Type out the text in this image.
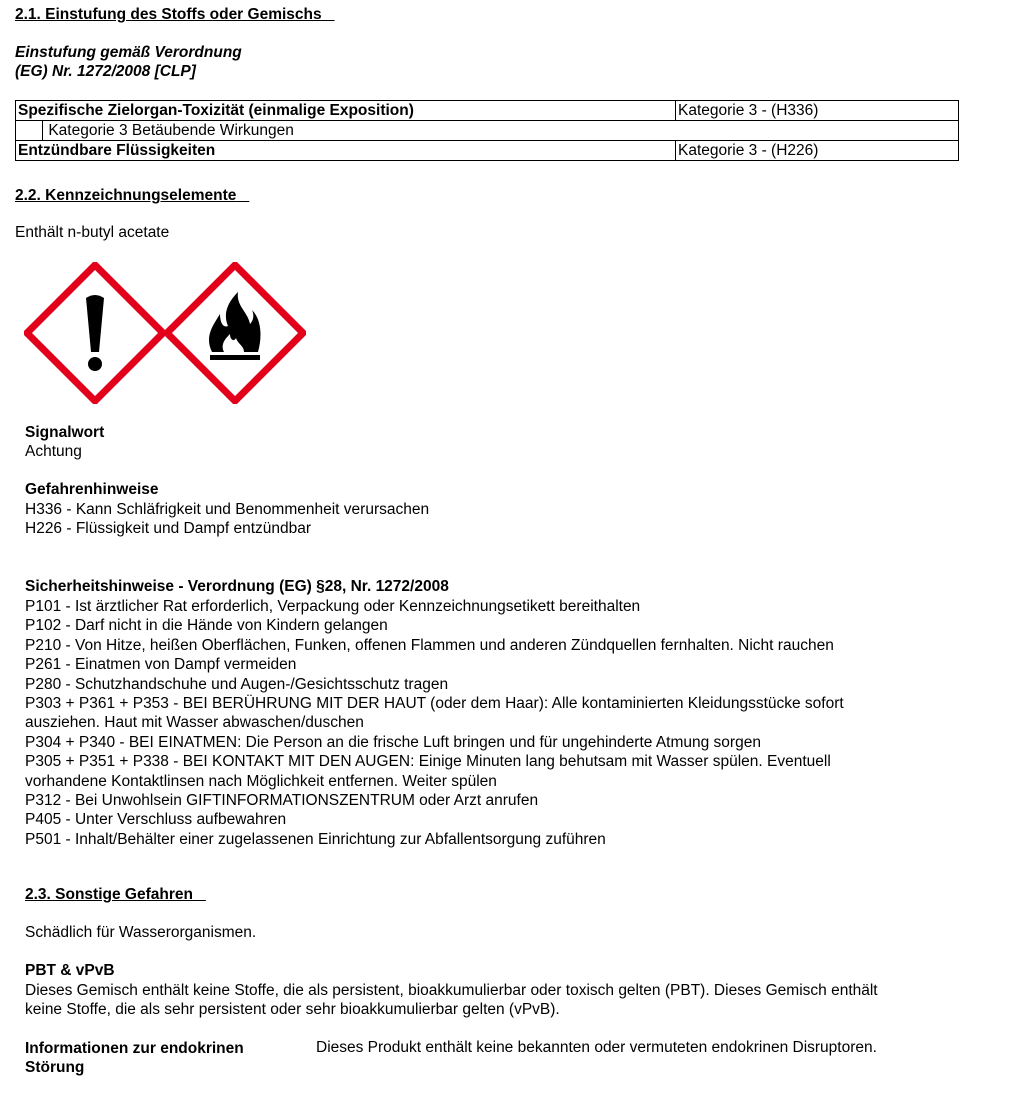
2.1. Einstufung des Stoffs oder Gemischs
Einstufung gemäß Verordnung
(EG) Nr. 1272/2008 [CLP]
Spezifische Zielorgan-Toxizität (einmalige Exposition)	Kategorie 3 - (H336)
Kategorie 3 Betäubende Wirkungen	
Entzündbare Flüssigkeiten	Kategorie 3 - (H226)
2.2. Kennzeichnungselemente
Enthält n-butyl acetate
Signalwort
Achtung
Gefahrenhinweise
H336 - Kann Schläfrigkeit und Benommenheit verursachen
H226 - Flüssigkeit und Dampf entzündbar
Sicherheitshinweise - Verordnung (EG) §28, Nr. 1272/2008
P101 - Ist ärztlicher Rat erforderlich, Verpackung oder Kennzeichnungsetikett bereithalten
P102 - Darf nicht in die Hände von Kindern gelangen
P210 - Von Hitze, heißen Oberflächen, Funken, offenen Flammen und anderen Zündquellen fernhalten. Nicht rauchen
P261 - Einatmen von Dampf vermeiden
P280 - Schutzhandschuhe und Augen-/Gesichtsschutz tragen
P303 + P361 + P353 - BEI BERÜHRUNG MIT DER HAUT (oder dem Haar): Alle kontaminierten Kleidungsstücke sofort
ausziehen. Haut mit Wasser abwaschen/duschen
P304 + P340 - BEI EINATMEN: Die Person an die frische Luft bringen und für ungehinderte Atmung sorgen
P305 + P351 + P338 - BEI KONTAKT MIT DEN AUGEN: Einige Minuten lang behutsam mit Wasser spülen. Eventuell
vorhandene Kontaktlinsen nach Möglichkeit entfernen. Weiter spülen
P312 - Bei Unwohlsein GIFTINFORMATIONSZENTRUM oder Arzt anrufen
P405 - Unter Verschluss aufbewahren
P501 - Inhalt/Behälter einer zugelassenen Einrichtung zur Abfallentsorgung zuführen
2.3. Sonstige Gefahren
Schädlich für Wasserorganismen.
PBT & vPvB
Dieses Gemisch enthält keine Stoffe, die als persistent, bioakkumulierbar oder toxisch gelten (PBT). Dieses Gemisch enthält
keine Stoffe, die als sehr persistent oder sehr bioakkumulierbar gelten (vPvB).
Informationen zur endokrinen
Störung
Dieses Produkt enthält keine bekannten oder vermuteten endokrinen Disruptoren.
